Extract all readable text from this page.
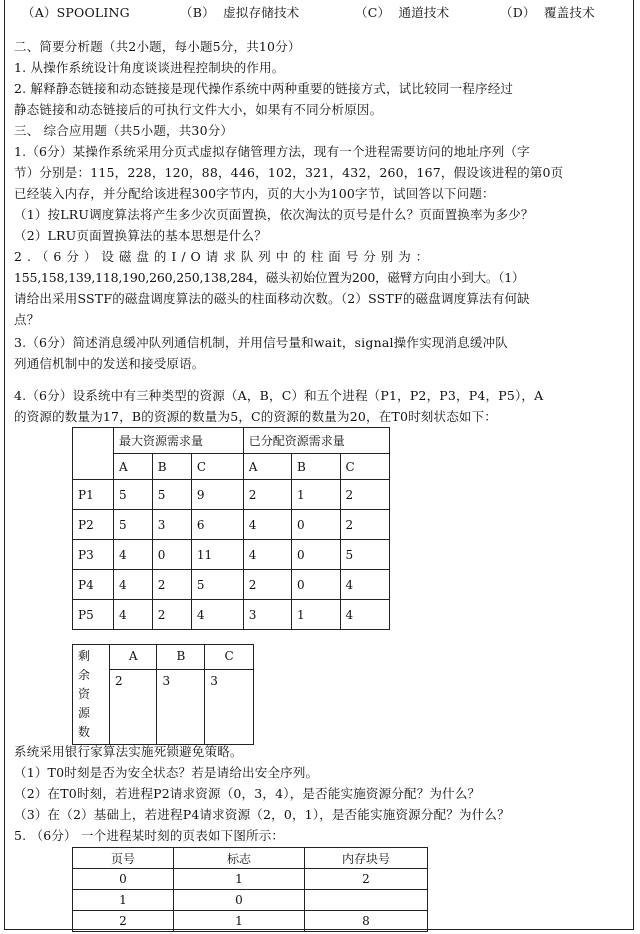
（A）SPOOLING	（B） 虚拟存储技术	（C） 通道技术	（D） 覆盖技术
二、简要分析题（共2小题，每小题5分，共10分）
1. 从操作系统设计角度谈谈进程控制块的作用。
2. 解释静态链接和动态链接是现代操作系统中两种重要的链接方式，试比较同一程序经过
静态链接和动态链接后的可执行文件大小，如果有不同分析原因。
三、 综合应用题（共5小题，共30分）
1.（6分）某操作系统采用分页式虚拟存储管理方法，现有一个进程需要访问的地址序列（字
节）分别是：115，228，120，88，446，102，321，432，260，167，假设该进程的第0页
已经装入内存，并分配给该进程300字节内，页的大小为100字节，试回答以下问题：
（1）按LRU调度算法将产生多少次页面置换，依次淘汰的页号是什么？页面置换率为多少？
（2）LRU页面置换算法的基本思想是什么？
2.（6分）设磁盘的I/O请求队列中的柱面号分别为：
155,158,139,118,190,260,250,138,284，磁头初始位置为200，磁臂方向由小到大。（1）
请给出采用SSTF的磁盘调度算法的磁头的柱面移动次数。（2）SSTF的磁盘调度算法有何缺
点？
3.（6分）简述消息缓冲队列通信机制，并用信号量和wait，signal操作实现消息缓冲队
列通信机制中的发送和接受原语。
4.（6分）设系统中有三种类型的资源（A，B，C）和五个进程（P1，P2，P3，P4，P5），A
的资源的数量为17，B的资源的数量为5，C的资源的数量为20，在T0时刻状态如下：
	最大资源需求量			已分配资源需求量		
	A	B	C	A	B	C
P1	5	5	9	2	1	2
P2	5	3	6	4	0	2
P3	4	0	11	4	0	5
P4	4	2	5	2	0	4
P5	4	2	4	3	1	4
剩
余
资
源
数	A	B	C
	2	3	3
系统采用银行家算法实施死锁避免策略。
（1）T0时刻是否为安全状态？若是请给出安全序列。
（2）在T0时刻，若进程P2请求资源（0，3，4），是否能实施资源分配？为什么？
（3）在（2）基础上，若进程P4请求资源（2，0，1），是否能实施资源分配？为什么？
5. （6分） 一个进程某时刻的页表如下图所示：
页号	标志	内存块号
0	1	2
1	0	
2	1	8
